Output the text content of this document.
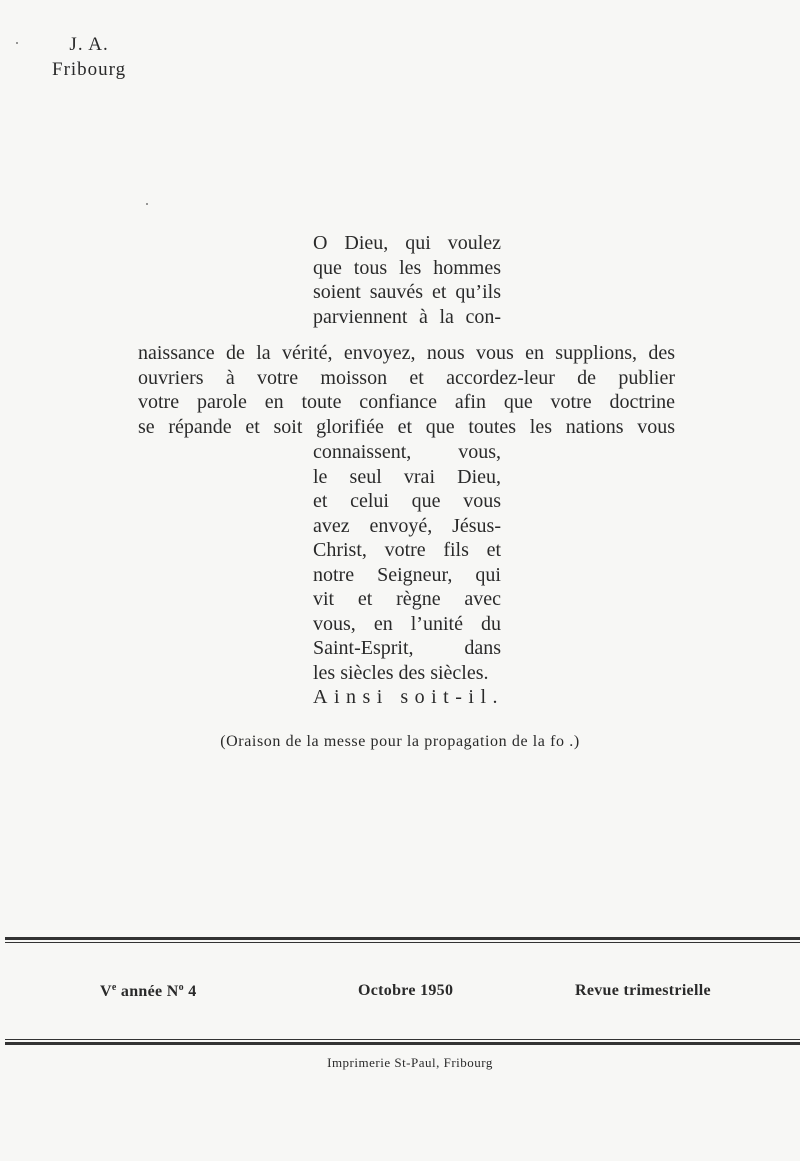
J. A.
Fribourg
O Dieu, qui voulez
que tous les hommes
soient sauvés et qu’ils
parviennent à la con-
naissance de la vérité, envoyez, nous vous en supplions, des
ouvriers à votre moisson et accordez-leur de publier
votre parole en toute confiance afin que votre doctrine
se répande et soit glorifiée et que toutes les nations vous
connaissent, vous,
le seul vrai Dieu,
et celui que vous
avez envoyé, Jésus-
Christ, votre fils et
notre Seigneur, qui
vit et règne avec
vous, en l’unité du
Saint-Esprit, dans
les siècles des siècles.
Ainsi soit-il.
(Oraison de la messe pour la propagation de la fo .)
Ve année $N^o$ 4	Octobre 1950	Revue trimestrielle
Imprimerie St-Paul, Fribourg
